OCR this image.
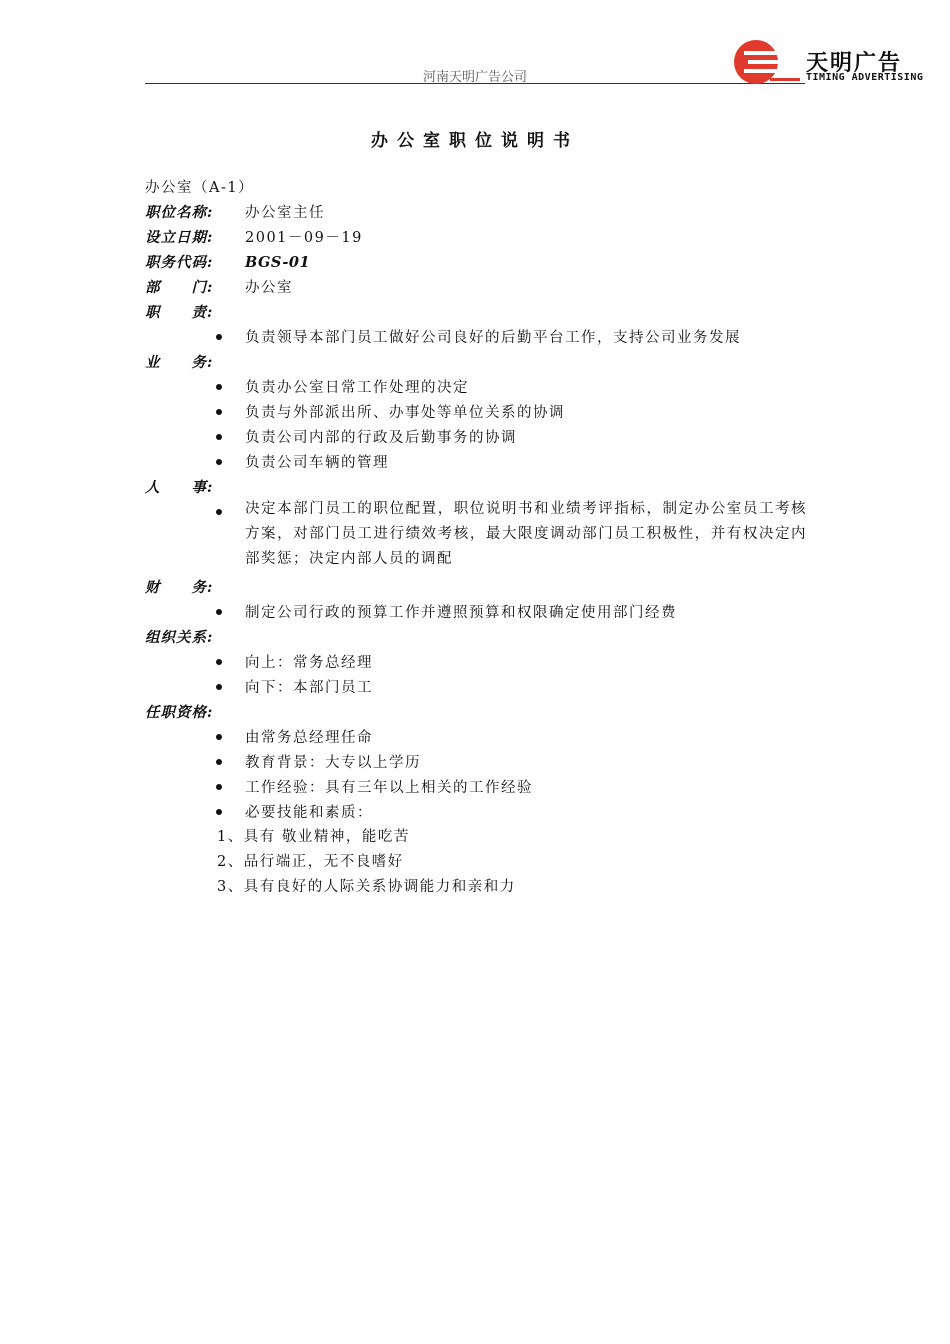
河南天明广告公司
天明广告
TIMING ADVERTISING
办公室职位说明书
办公室（A-1）
职位名称: 办公室主任
设立日期: 2001－09－19
职务代码: BGS-01
部　　门: 办公室
职　　责:
负责领导本部门员工做好公司良好的后勤平台工作，支持公司业务发展
业　　务:
负责办公室日常工作处理的决定
负责与外部派出所、办事处等单位关系的协调
负责公司内部的行政及后勤事务的协调
负责公司车辆的管理
人　　事:
决定本部门员工的职位配置，职位说明书和业绩考评指标，制定办公室员工考核方案，对部门员工进行绩效考核，最大限度调动部门员工积极性，并有权决定内部奖惩；决定内部人员的调配
财　　务:
制定公司行政的预算工作并遵照预算和权限确定使用部门经费
组织关系:
向上：常务总经理
向下：本部门员工
任职资格:
由常务总经理任命
教育背景：大专以上学历
工作经验：具有三年以上相关的工作经验
必要技能和素质：
1、具有 敬业精神，能吃苦
2、品行端正，无不良嗜好
3、具有良好的人际关系协调能力和亲和力
